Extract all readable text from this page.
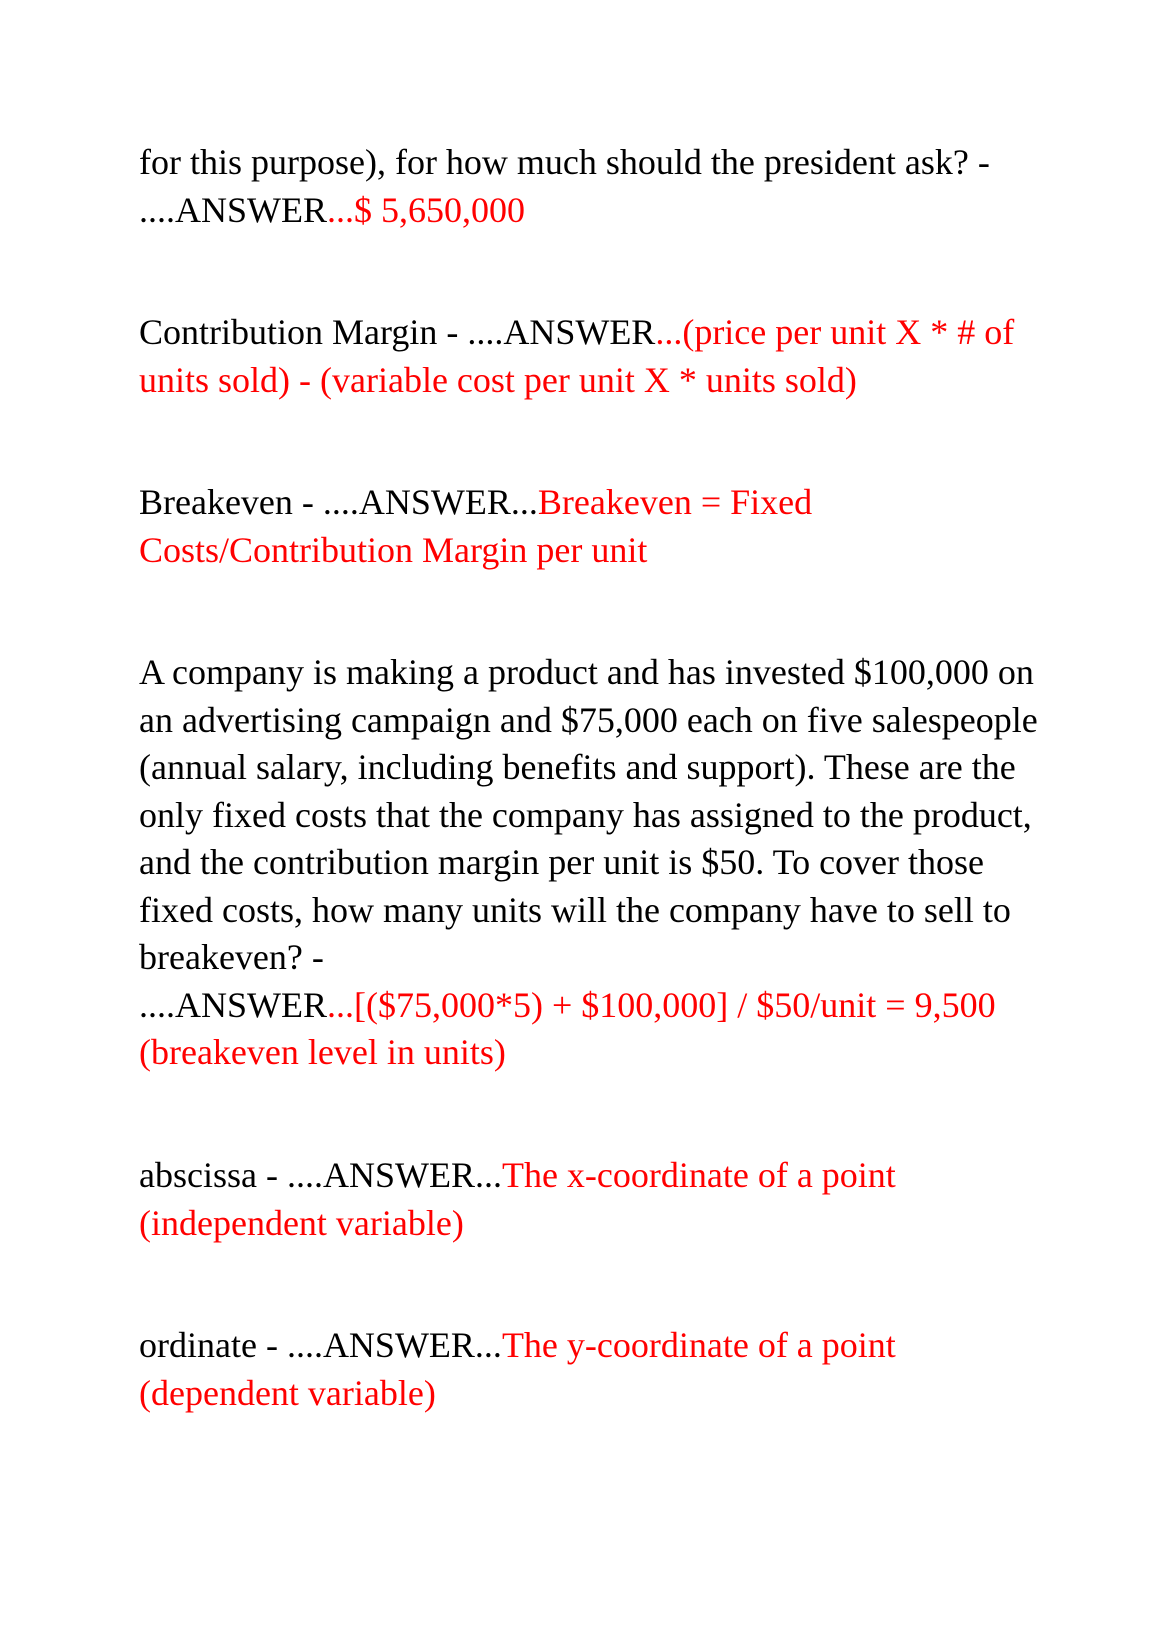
for this purpose), for how much should the president ask? -
....ANSWER...$ 5,650,000

Contribution Margin - ....ANSWER...(price per unit X * # of units sold) - (variable cost per unit X * units sold)

Breakeven - ....ANSWER...Breakeven = Fixed Costs/Contribution Margin per unit

A company is making a product and has invested $100,000 on an advertising campaign and $75,000 each on five salespeople (annual salary, including benefits and support). These are the only fixed costs that the company has assigned to the product, and the contribution margin per unit is $50. To cover those fixed costs, how many units will the company have to sell to breakeven? -
....ANSWER...[($75,000*5) + $100,000] / $50/unit = 9,500 (breakeven level in units)

abscissa - ....ANSWER...The x-coordinate of a point (independent variable)

ordinate - ....ANSWER...The y-coordinate of a point (dependent variable)
